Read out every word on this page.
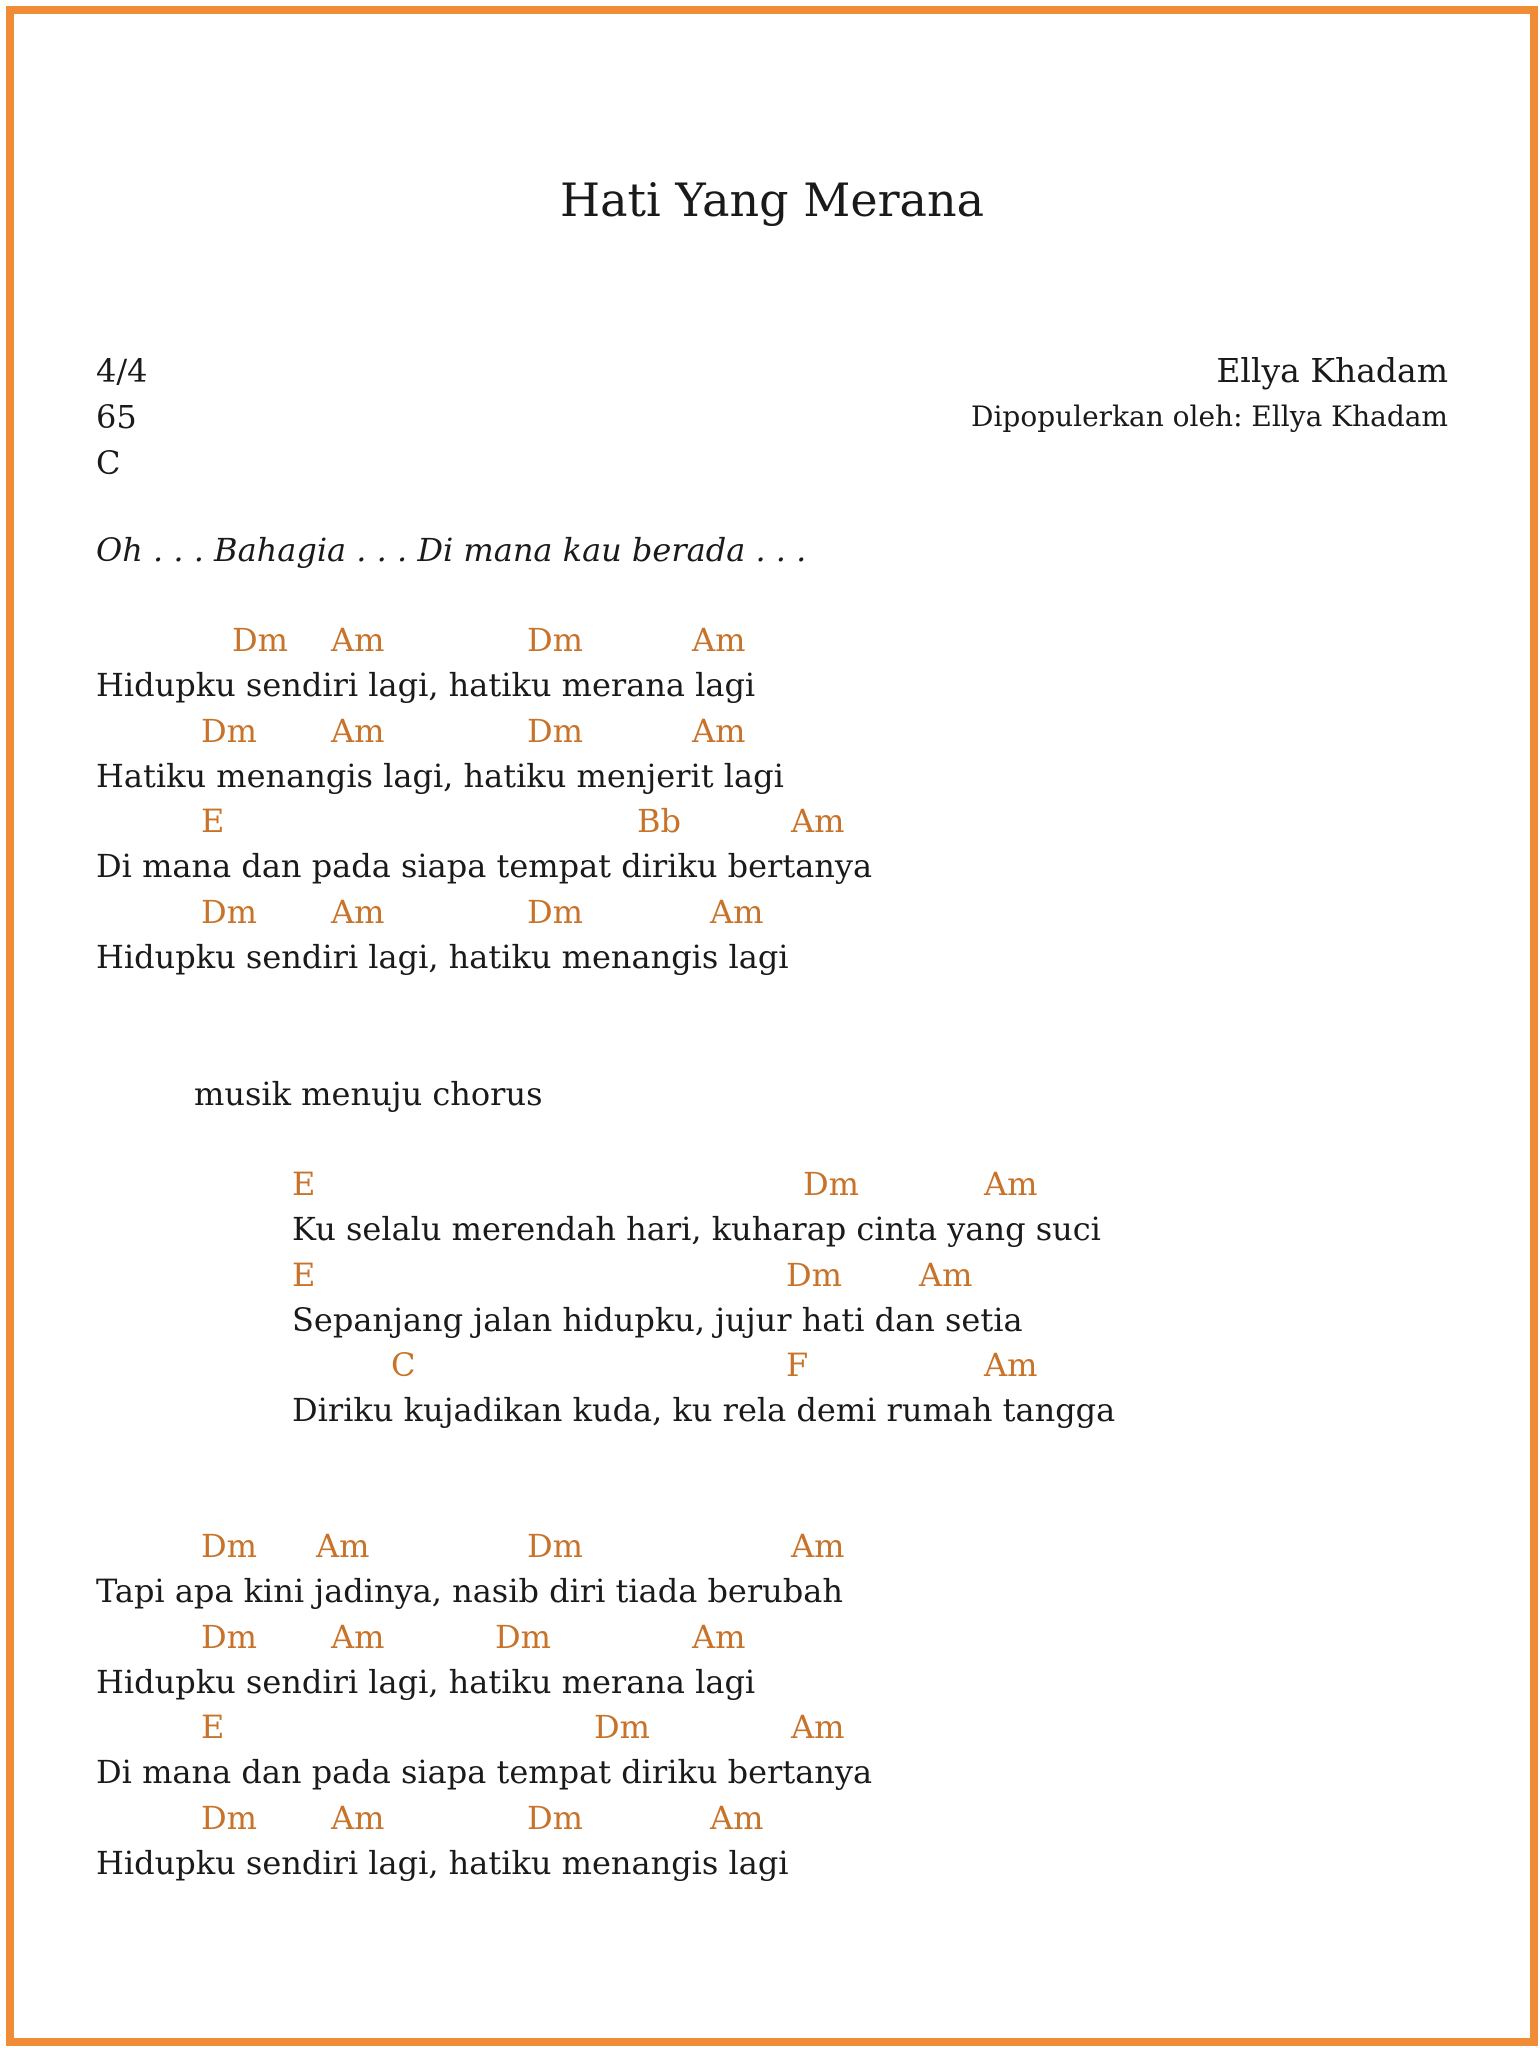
Hati Yang Merana
4/4
65
C
Ellya Khadam
Dipopulerkan oleh: Ellya Khadam
Oh . . . Bahagia . . . Di mana kau berada . . .
Dm Am	Dm	Am
Hidupku sendiri lagi, hatiku merana lagi
Dm Am	Dm	Am
Hatiku menangis lagi, hatiku menjerit lagi
E	Bb	Am
Di mana dan pada siapa tempat diriku bertanya
Dm Am	Dm	Am
Hidupku sendiri lagi, hatiku menangis lagi
musik menuju chorus
E	Dm	Am
Ku selalu merendah hari, kuharap cinta yang suci
E	Dm Am
Sepanjang jalan hidupku, jujur hati dan setia
C	F	Am
Diriku kujadikan kuda, ku rela demi rumah tangga
Dm Am	Dm	Am
Tapi apa kini jadinya, nasib diri tiada berubah
Dm Am	Dm	Am
Hidupku sendiri lagi, hatiku merana lagi
E	Dm	Am
Di mana dan pada siapa tempat diriku bertanya
Dm Am	Dm	Am
Hidupku sendiri lagi, hatiku menangis lagi
